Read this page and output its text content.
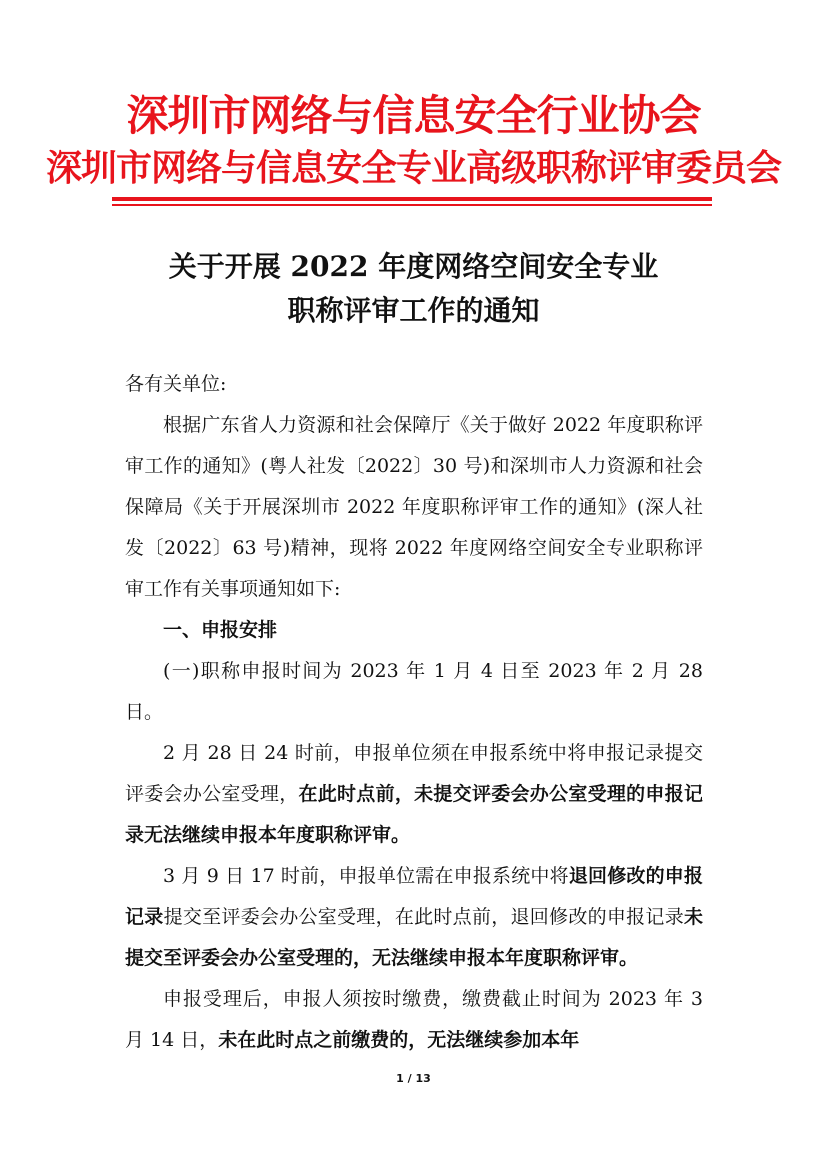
深圳市网络与信息安全行业协会
深圳市网络与信息安全专业高级职称评审委员会
关于开展 2022 年度网络空间安全专业
职称评审工作的通知

各有关单位:

根据广东省人力资源和社会保障厅《关于做好 2022 年度职称评审工作的通知》(粤人社发〔2022〕30 号)和深圳市人力资源和社会保障局《关于开展深圳市 2022 年度职称评审工作的通知》(深人社发〔2022〕63 号)精神，现将 2022 年度网络空间安全专业职称评审工作有关事项通知如下:

一、申报安排

(一)职称申报时间为 2023 年 1 月 4 日至 2023 年 2 月 28 日。

2 月 28 日 24 时前，申报单位须在申报系统中将申报记录提交评委会办公室受理，在此时点前，未提交评委会办公室受理的申报记录无法继续申报本年度职称评审。

3 月 9 日 17 时前，申报单位需在申报系统中将退回修改的申报记录提交至评委会办公室受理，在此时点前，退回修改的申报记录未提交至评委会办公室受理的，无法继续申报本年度职称评审。

申报受理后，申报人须按时缴费，缴费截止时间为 2023 年 3 月 14 日，未在此时点之前缴费的，无法继续参加本年

1 / 13
